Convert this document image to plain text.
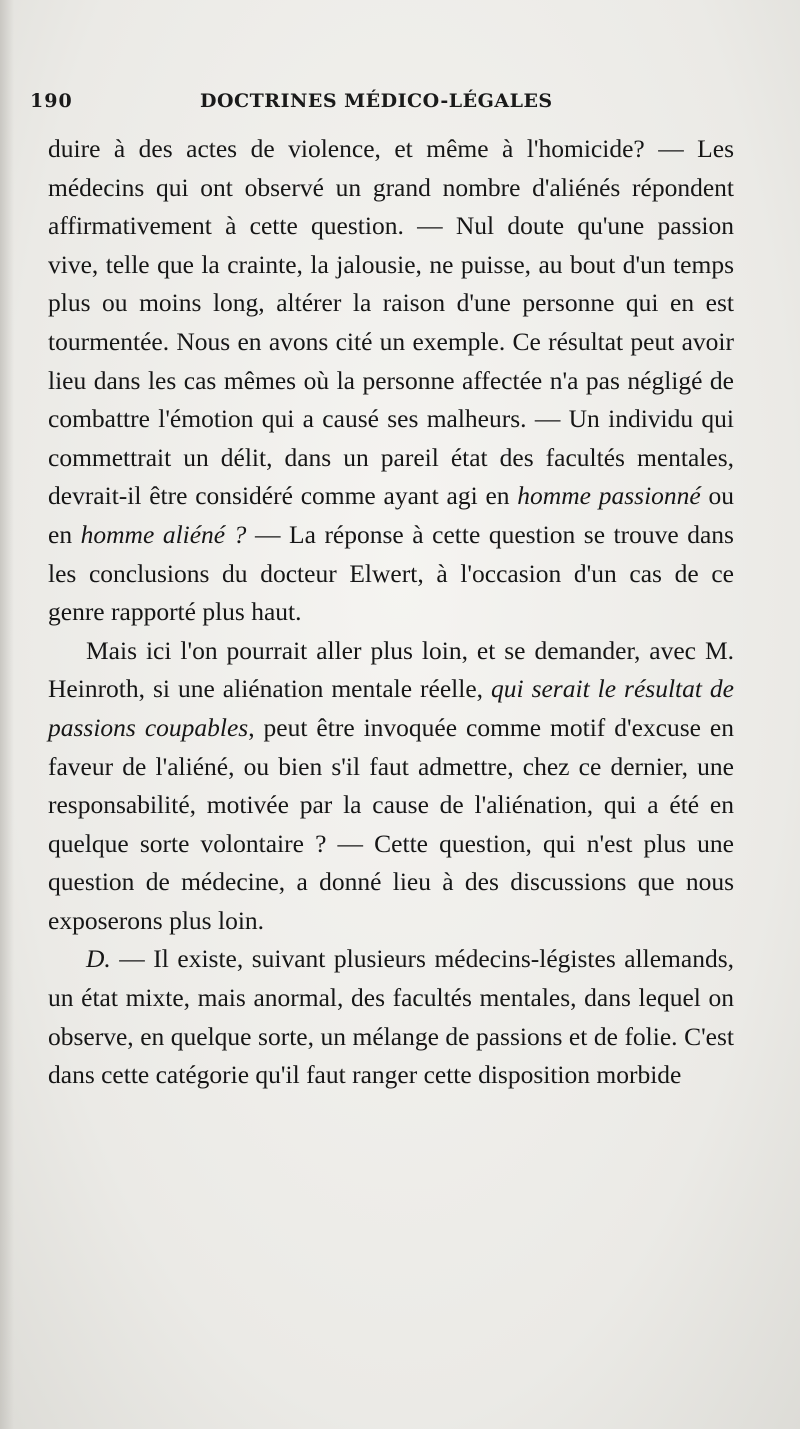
190	DOCTRINES MÉDICO-LÉGALES

duire à des actes de violence, et même à l'homicide? — Les médecins qui ont observé un grand nombre d'aliénés répondent affirmativement à cette question. — Nul doute qu'une passion vive, telle que la crainte, la jalousie, ne puisse, au bout d'un temps plus ou moins long, altérer la raison d'une personne qui en est tourmentée. Nous en avons cité un exemple. Ce résultat peut avoir lieu dans les cas mêmes où la personne affectée n'a pas négligé de combattre l'émotion qui a causé ses malheurs. — Un individu qui commettrait un délit, dans un pareil état des facultés mentales, devrait-il être considéré comme ayant agi en homme passionné ou en homme aliéné ? — La réponse à cette question se trouve dans les conclusions du docteur Elwert, à l'occasion d'un cas de ce genre rapporté plus haut.

Mais ici l'on pourrait aller plus loin, et se demander, avec M. Heinroth, si une aliénation mentale réelle, qui serait le résultat de passions coupables, peut être invoquée comme motif d'excuse en faveur de l'aliéné, ou bien s'il faut admettre, chez ce dernier, une responsabilité, motivée par la cause de l'aliénation, qui a été en quelque sorte volontaire ? — Cette question, qui n'est plus une question de médecine, a donné lieu à des discussions que nous exposerons plus loin.

D. — Il existe, suivant plusieurs médecins-légistes allemands, un état mixte, mais anormal, des facultés mentales, dans lequel on observe, en quelque sorte, un mélange de passions et de folie. C'est dans cette catégorie qu'il faut ranger cette disposition morbide
